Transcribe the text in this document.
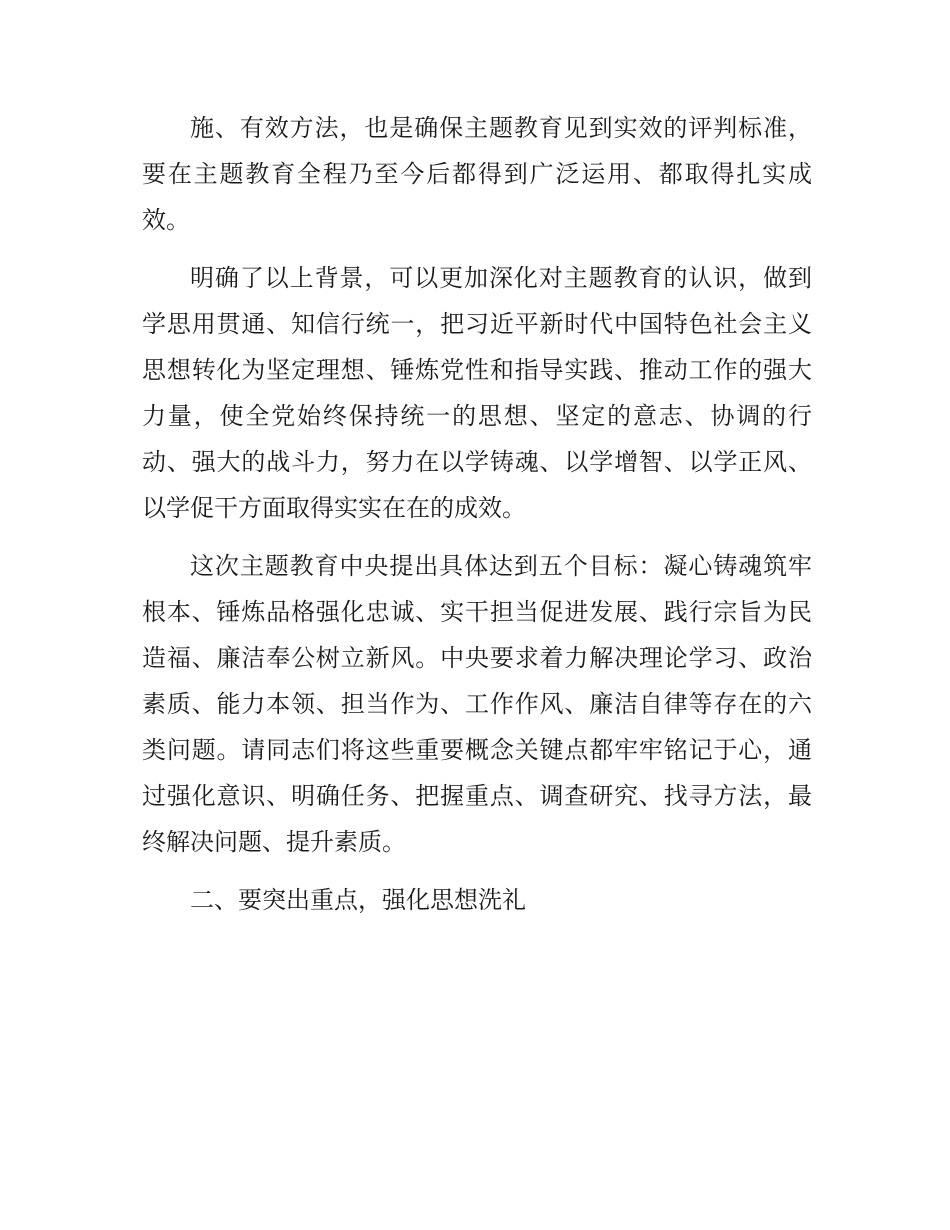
施、有效方法，也是确保主题教育见到实效的评判标准，
要在主题教育全程乃至今后都得到广泛运用、都取得扎实成
效。
明确了以上背景，可以更加深化对主题教育的认识，做到
学思用贯通、知信行统一，把习近平新时代中国特色社会主义
思想转化为坚定理想、锤炼党性和指导实践、推动工作的强大
力量，使全党始终保持统一的思想、坚定的意志、协调的行
动、强大的战斗力，努力在以学铸魂、以学增智、以学正风、
以学促干方面取得实实在在的成效。
这次主题教育中央提出具体达到五个目标：凝心铸魂筑牢
根本、锤炼品格强化忠诚、实干担当促进发展、践行宗旨为民
造福、廉洁奉公树立新风。中央要求着力解决理论学习、政治
素质、能力本领、担当作为、工作作风、廉洁自律等存在的六
类问题。请同志们将这些重要概念关键点都牢牢铭记于心，通
过强化意识、明确任务、把握重点、调查研究、找寻方法，最
终解决问题、提升素质。
二、要突出重点，强化思想洗礼
